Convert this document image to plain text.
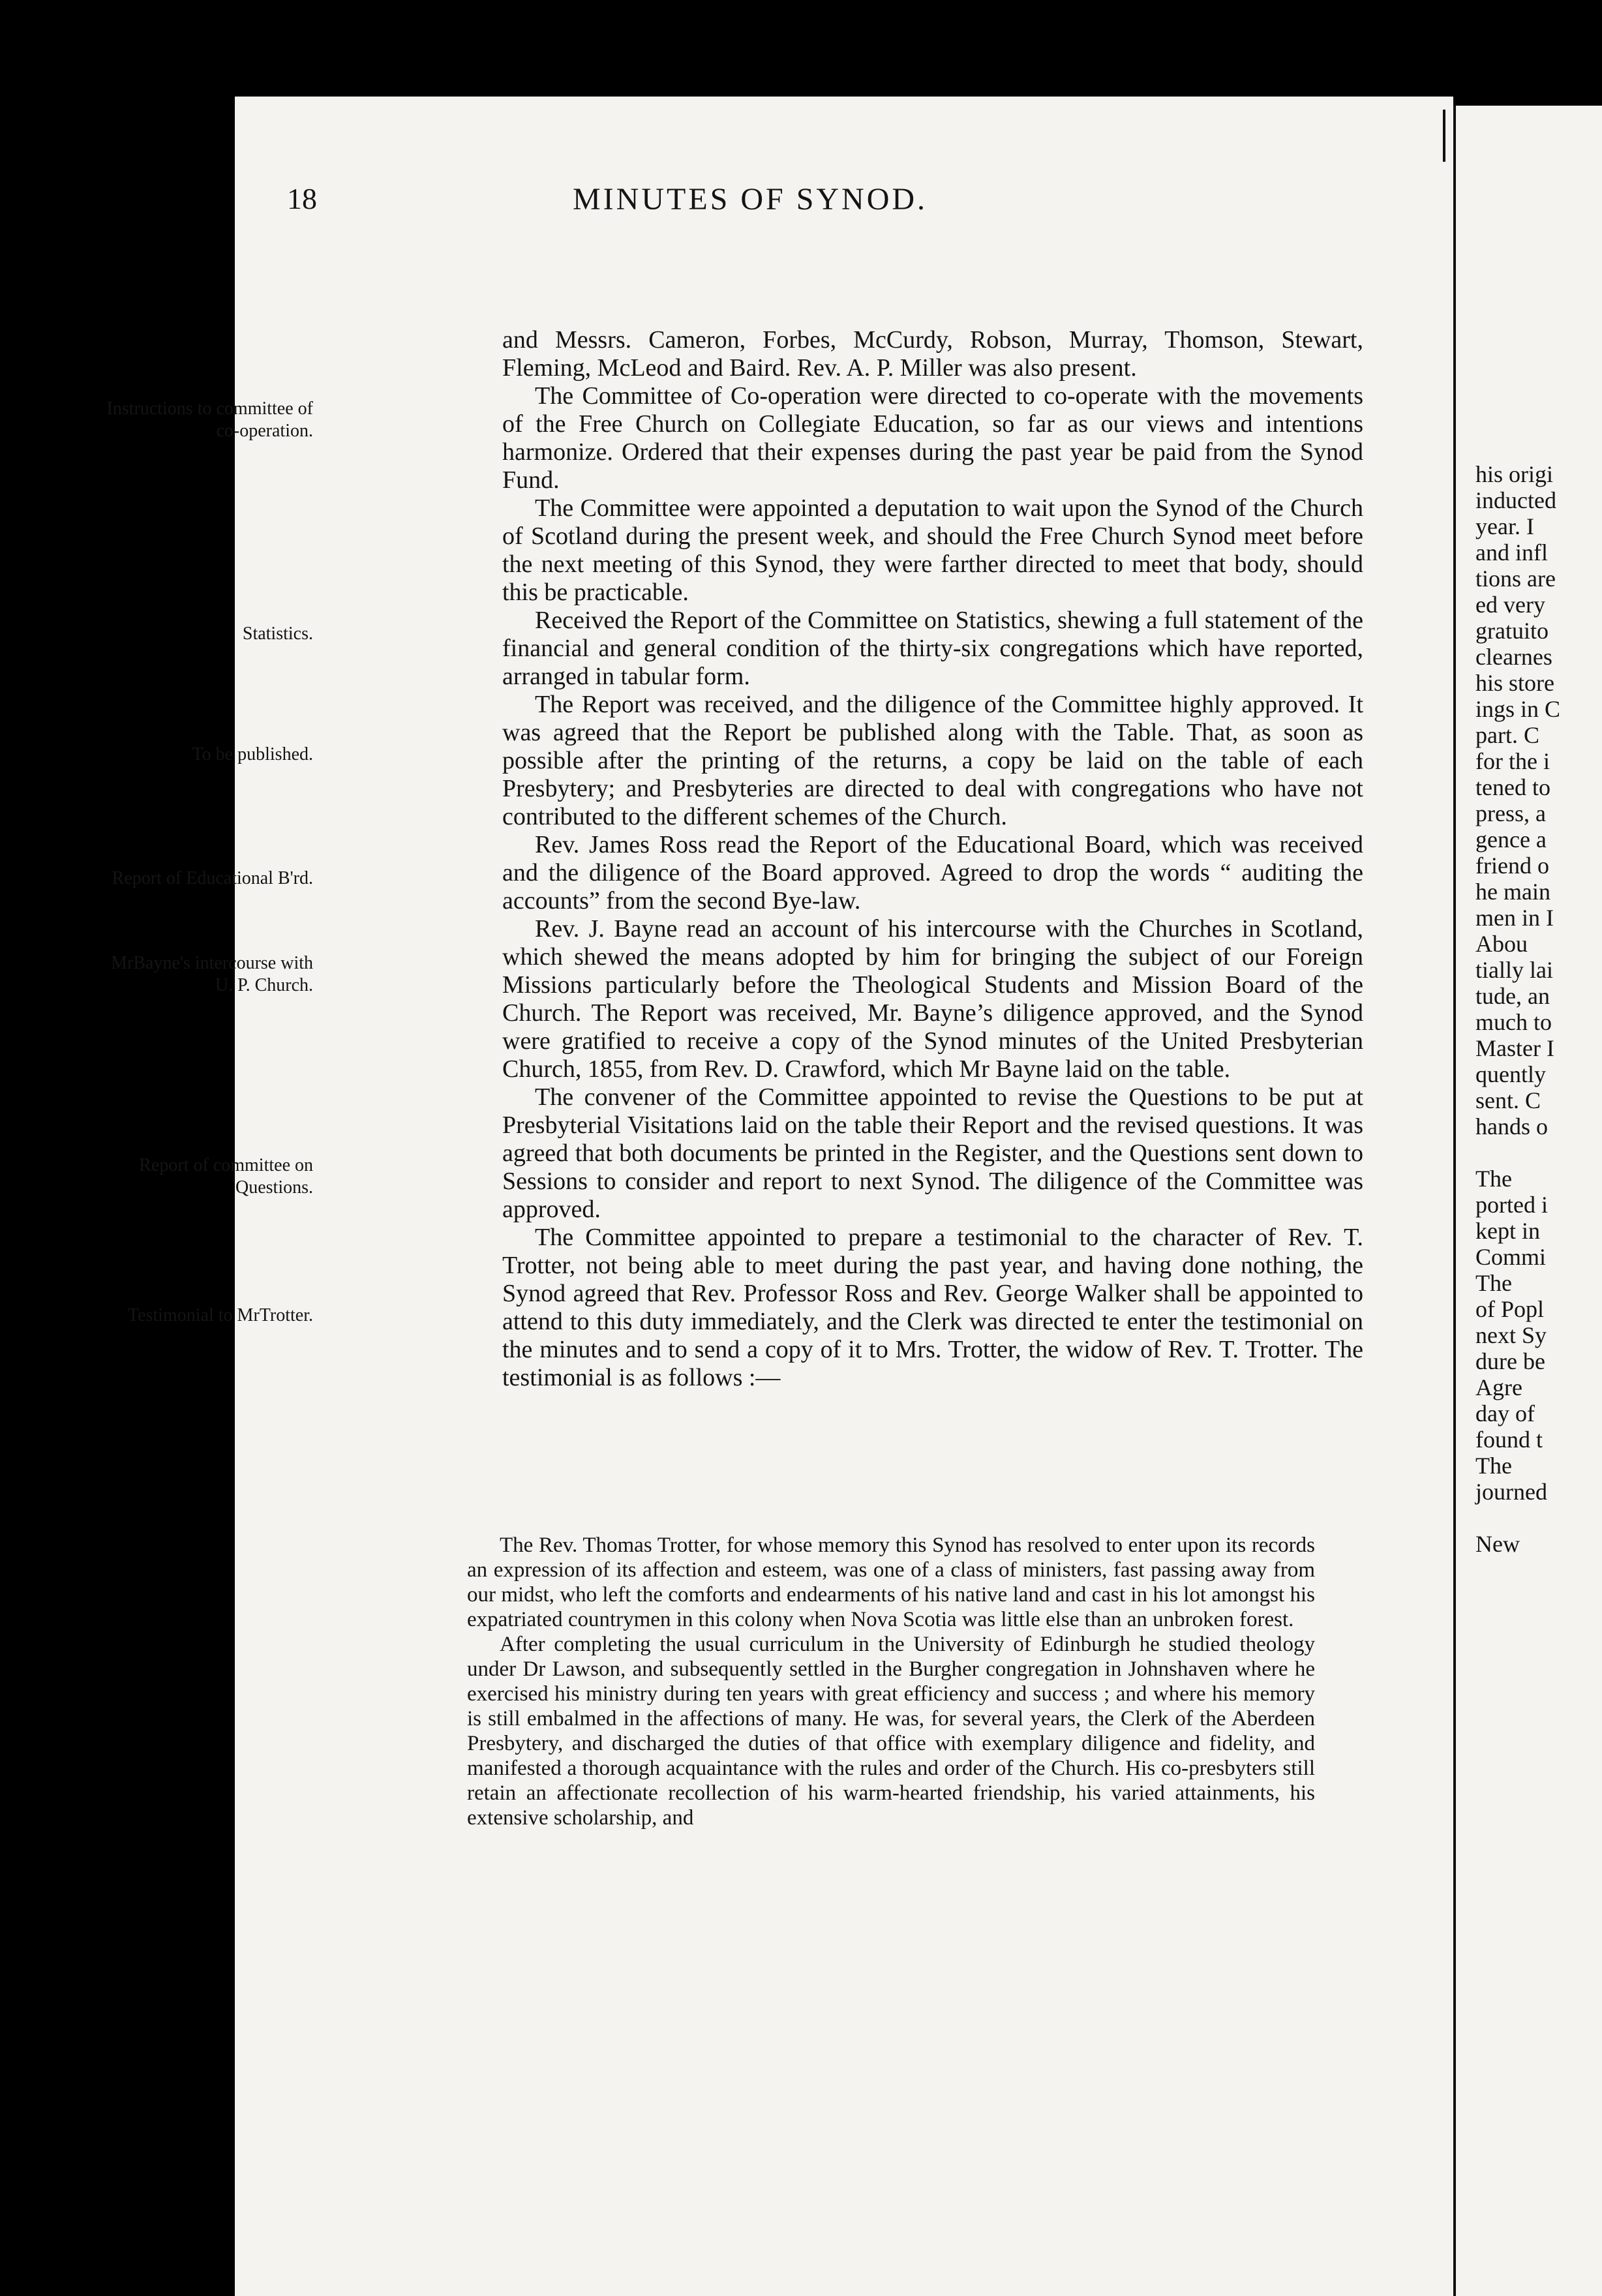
18	MINUTES OF SYNOD.
Instructions to committee of co-operation.
Statistics.
To be published.
Report of Educational B'rd.
MrBayne's intercourse with U. P. Church.
Report of committee on Questions.
Testimonial to MrTrotter.

and Messrs. Cameron, Forbes, McCurdy, Robson, Murray, Thomson, Stewart, Fleming, McLeod and Baird. Rev. A. P. Miller was also present.

The Committee of Co-operation were directed to co-operate with the movements of the Free Church on Collegiate Education, so far as our views and intentions harmonize. Ordered that their expenses during the past year be paid from the Synod Fund.

The Committee were appointed a deputation to wait upon the Synod of the Church of Scotland during the present week, and should the Free Church Synod meet before the next meeting of this Synod, they were farther directed to meet that body, should this be practicable.

Received the Report of the Committee on Statistics, shewing a full statement of the financial and general condition of the thirty-six congregations which have reported, arranged in tabular form.

The Report was received, and the diligence of the Committee highly approved. It was agreed that the Report be published along with the Table. That, as soon as possible after the printing of the returns, a copy be laid on the table of each Presbytery; and Presbyteries are directed to deal with congregations who have not contributed to the different schemes of the Church.

Rev. James Ross read the Report of the Educational Board, which was received and the diligence of the Board approved. Agreed to drop the words “ auditing the accounts” from the second Bye-law.

Rev. J. Bayne read an account of his intercourse with the Churches in Scotland, which shewed the means adopted by him for bringing the subject of our Foreign Missions particularly before the Theological Students and Mission Board of the Church. The Report was received, Mr. Bayne’s diligence approved, and the Synod were gratified to receive a copy of the Synod minutes of the United Presbyterian Church, 1855, from Rev. D. Crawford, which Mr Bayne laid on the table.

The convener of the Committee appointed to revise the Questions to be put at Presbyterial Visitations laid on the table their Report and the revised questions. It was agreed that both documents be printed in the Register, and the Questions sent down to Sessions to consider and report to next Synod. The diligence of the Committee was approved.

The Committee appointed to prepare a testimonial to the character of Rev. T. Trotter, not being able to meet during the past year, and having done nothing, the Synod agreed that Rev. Professor Ross and Rev. George Walker shall be appointed to attend to this duty immediately, and the Clerk was directed te enter the testimonial on the minutes and to send a copy of it to Mrs. Trotter, the widow of Rev. T. Trotter. The testimonial is as follows :—

The Rev. Thomas Trotter, for whose memory this Synod has resolved to enter upon its records an expression of its affection and esteem, was one of a class of ministers, fast passing away from our midst, who left the comforts and endearments of his native land and cast in his lot amongst his expatriated countrymen in this colony when Nova Scotia was little else than an unbroken forest.

After completing the usual curriculum in the University of Edinburgh he studied theology under Dr Lawson, and subsequently settled in the Burgher congregation in Johnshaven where he exercised his ministry during ten years with great efficiency and success ; and where his memory is still embalmed in the affections of many. He was, for several years, the Clerk of the Aberdeen Presbytery, and discharged the duties of that office with exemplary diligence and fidelity, and manifested a thorough acquaintance with the rules and order of the Church. His co-presbyters still retain an affectionate recollection of his warm-hearted friendship, his varied attainments, his extensive scholarship, and

his origi
inducted
year. I
and infl
tions are
ed very
gratuito
clearnes
his store
ings in C
part. C
for the i
tened to
press, a
gence a
friend o
he main
men in I
Abou
tially lai
tude, an
much to
Master I
quently
sent. C
hands o
The
ported i
kept in
Commi
The
of Popl
next Sy
dure be
Agre
day of
found t
The
journed
New
